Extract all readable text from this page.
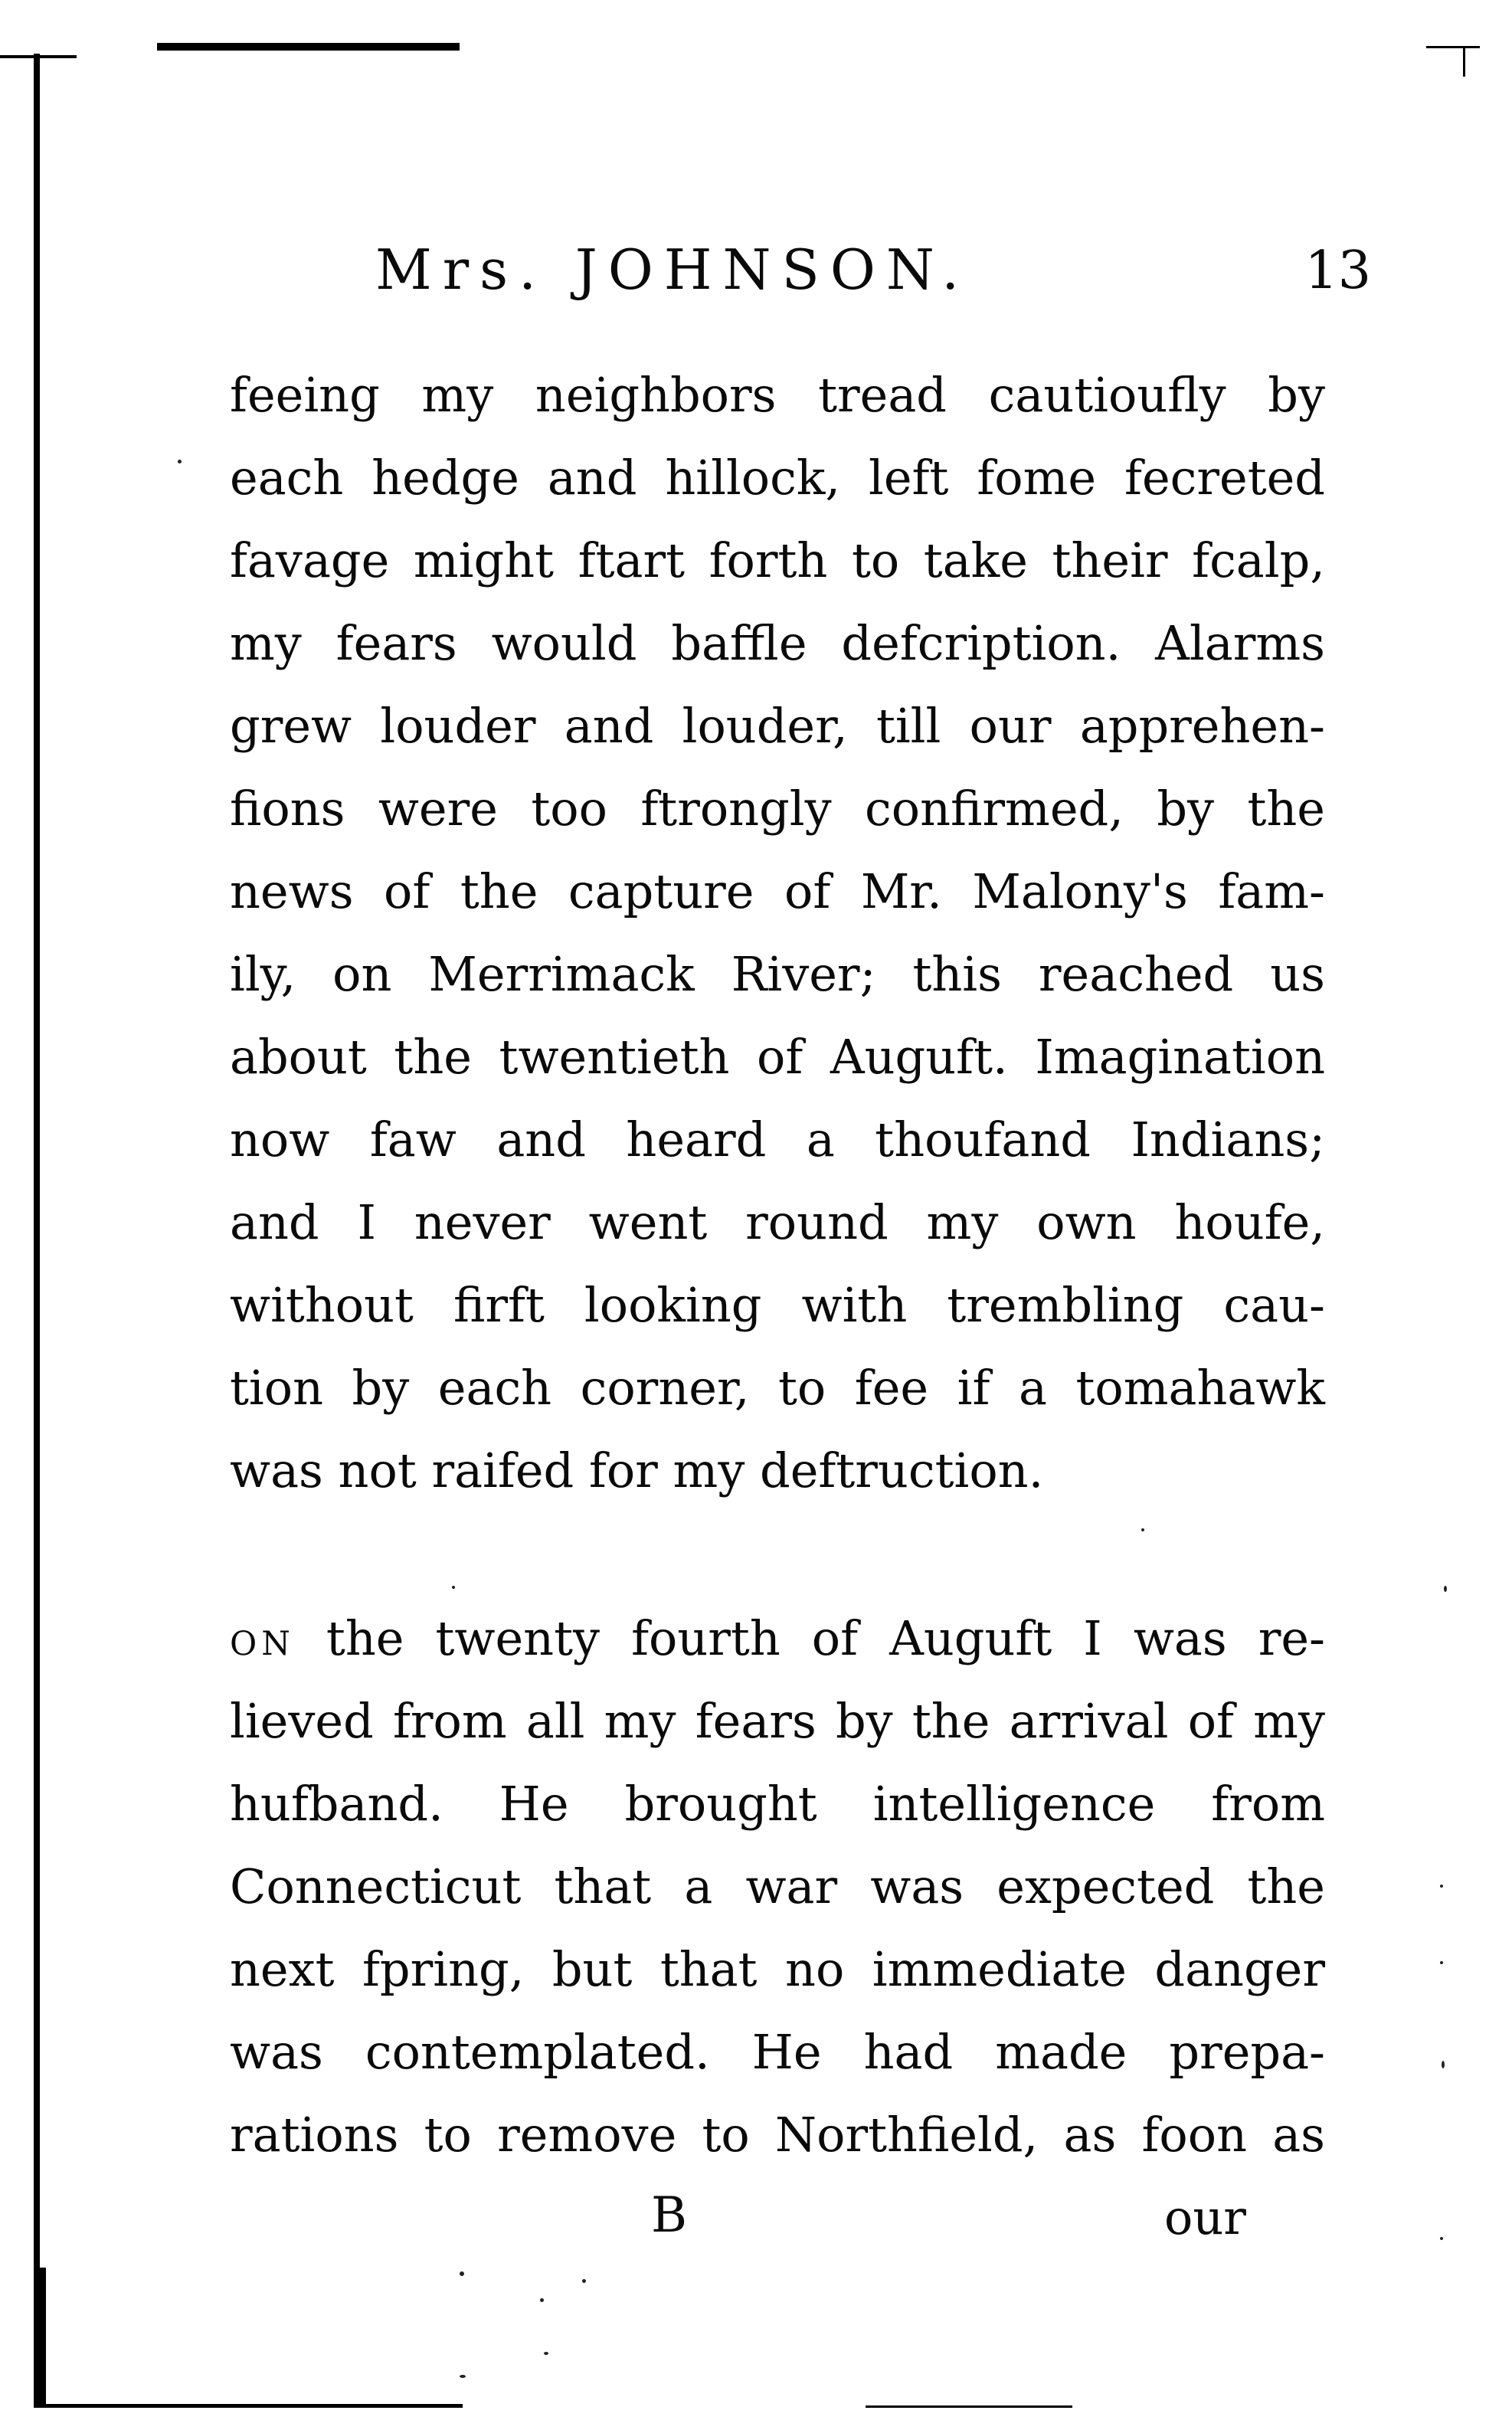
Mrs. JOHNSON.	13
feeing my neighbors tread cautioufly by
each hedge and hillock, left fome fecreted
favage might ftart forth to take their fcalp,
my fears would baffle defcription. Alarms
grew louder and louder, till our apprehen-
fions were too ftrongly confirmed, by the
news of the capture of Mr. Malony's fam-
ily, on Merrimack River; this reached us
about the twentieth of Auguft. Imagination
now faw and heard a thoufand Indians;
and I never went round my own houfe,
without firft looking with trembling cau-
tion by each corner, to fee if a tomahawk
was not raifed for my deftruction.
on the twenty fourth of Auguft I was re-
lieved from all my fears by the arrival of my
hufband. He brought intelligence from
Connecticut that a war was expected the
next fpring, but that no immediate danger
was contemplated. He had made prepa-
rations to remove to Northfield, as foon as
B	our
